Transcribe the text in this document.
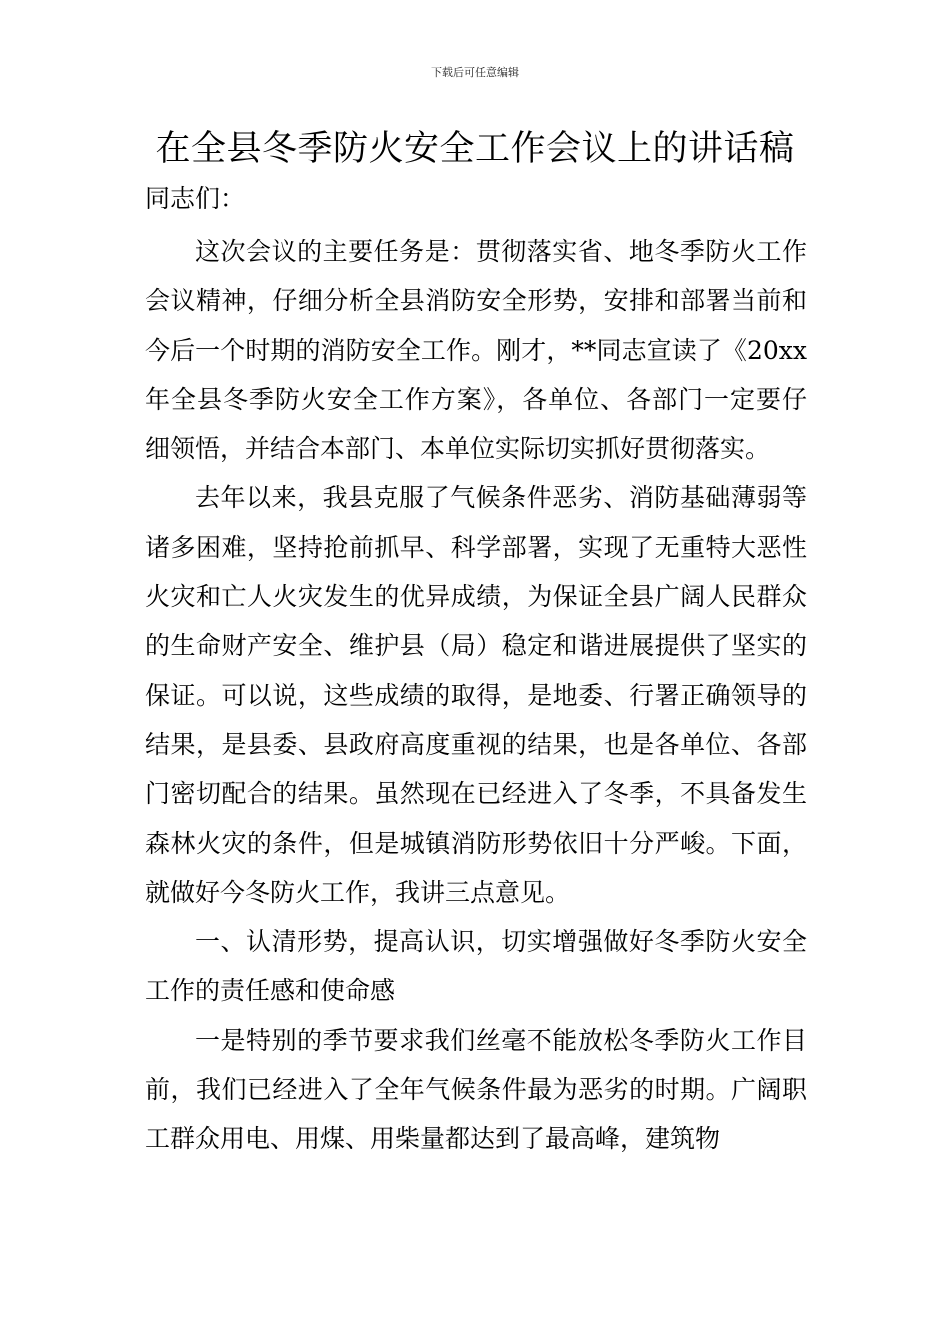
下载后可任意编辑
在全县冬季防火安全工作会议上的讲话稿

同志们：

这次会议的主要任务是：贯彻落实省、地冬季防火工作会议精神，仔细分析全县消防安全形势，安排和部署当前和今后一个时期的消防安全工作。刚才，**同志宣读了《20xx年全县冬季防火安全工作方案》，各单位、各部门一定要仔细领悟，并结合本部门、本单位实际切实抓好贯彻落实。

去年以来，我县克服了气候条件恶劣、消防基础薄弱等诸多困难，坚持抢前抓早、科学部署，实现了无重特大恶性火灾和亡人火灾发生的优异成绩，为保证全县广阔人民群众的生命财产安全、维护县（局）稳定和谐进展提供了坚实的保证。可以说，这些成绩的取得，是地委、行署正确领导的结果，是县委、县政府高度重视的结果，也是各单位、各部门密切配合的结果。虽然现在已经进入了冬季，不具备发生森林火灾的条件，但是城镇消防形势依旧十分严峻。下面，就做好今冬防火工作，我讲三点意见。

一、认清形势，提高认识，切实增强做好冬季防火安全工作的责任感和使命感

一是特别的季节要求我们丝毫不能放松冬季防火工作目前，我们已经进入了全年气候条件最为恶劣的时期。广阔职工群众用电、用煤、用柴量都达到了最高峰，建筑物
